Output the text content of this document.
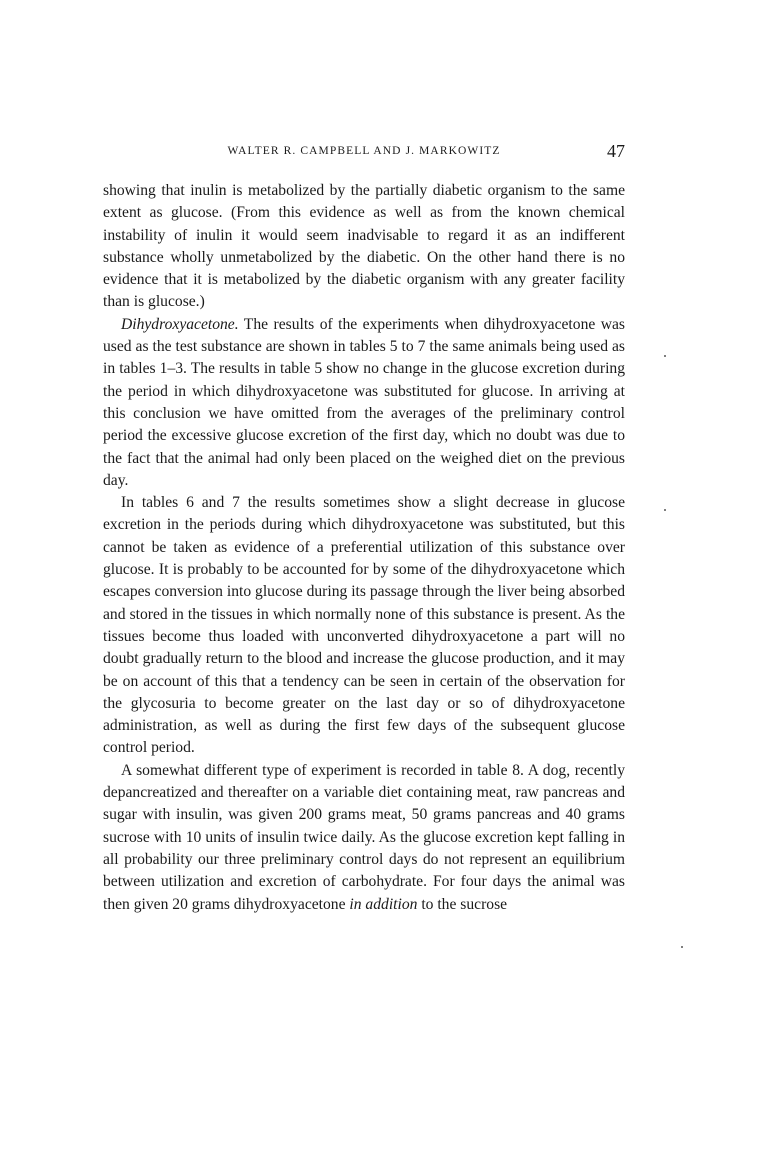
WALTER R. CAMPBELL AND J. MARKOWITZ	47

showing that inulin is metabolized by the partially diabetic organism to the same extent as glucose. (From this evidence as well as from the known chemical instability of inulin it would seem inadvisable to regard it as an indifferent substance wholly unmetabolized by the diabetic. On the other hand there is no evidence that it is metabolized by the diabetic organism with any greater facility than is glucose.)

Dihydroxyacetone. The results of the experiments when dihydroxyacetone was used as the test substance are shown in tables 5 to 7 the same animals being used as in tables 1–3. The results in table 5 show no change in the glucose excretion during the period in which dihydroxyacetone was substituted for glucose. In arriving at this conclusion we have omitted from the averages of the preliminary control period the excessive glucose excretion of the first day, which no doubt was due to the fact that the animal had only been placed on the weighed diet on the previous day.

In tables 6 and 7 the results sometimes show a slight decrease in glucose excretion in the periods during which dihydroxyacetone was substituted, but this cannot be taken as evidence of a preferential utilization of this substance over glucose. It is probably to be accounted for by some of the dihydroxyacetone which escapes conversion into glucose during its passage through the liver being absorbed and stored in the tissues in which normally none of this substance is present. As the tissues become thus loaded with unconverted dihydroxyacetone a part will no doubt gradually return to the blood and increase the glucose production, and it may be on account of this that a tendency can be seen in certain of the observation for the glycosuria to become greater on the last day or so of dihydroxyacetone administration, as well as during the first few days of the subsequent glucose control period.

A somewhat different type of experiment is recorded in table 8. A dog, recently depancreatized and thereafter on a variable diet containing meat, raw pancreas and sugar with insulin, was given 200 grams meat, 50 grams pancreas and 40 grams sucrose with 10 units of insulin twice daily. As the glucose excretion kept falling in all probability our three preliminary control days do not represent an equilibrium between utilization and excretion of carbohydrate. For four days the animal was then given 20 grams dihydroxyacetone in addition to the sucrose
